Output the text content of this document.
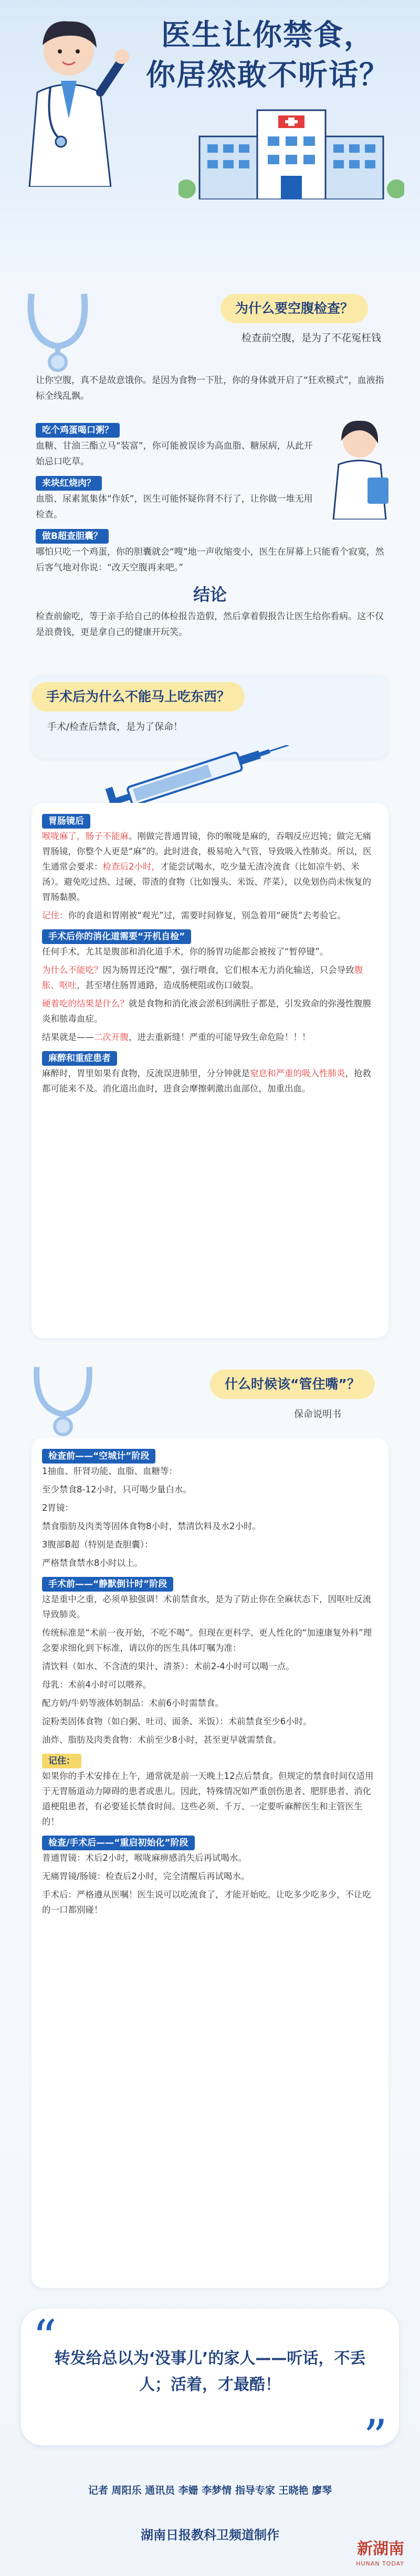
医生让你禁食，
你居然敢不听话？
为什么要空腹检查？
检查前空腹，是为了不花冤枉钱

让你空腹，真不是故意饿你。是因为食物一下肚，你的身体就开启了“狂欢模式”，血液指标全线乱飘。

吃个鸡蛋喝口粥？

血糖、甘油三酯立马“装富”，你可能被误诊为高血脂、糖尿病，从此开始忌口吃草。

来块红烧肉？

血脂、尿素氮集体“作妖”，医生可能怀疑你肾不行了，让你做一堆无用检查。

做B超查胆囊？

哪怕只吃一个鸡蛋，你的胆囊就会“嗖”地一声收缩变小，医生在屏幕上只能看个寂寞，然后客气地对你说：“改天空腹再来吧。”

结论
检查前偷吃，等于亲手给自己的体检报告造假，然后拿着假报告让医生给你看病。这不仅是浪费钱，更是拿自己的健康开玩笑。
手术后为什么不能马上吃东西？
手术/检查后禁食，是为了保命！
胃肠镜后

喉咙麻了，肠子不能麻。刚做完普通胃镜，你的喉咙是麻的，吞咽反应迟钝；做完无痛胃肠镜，你整个人更是“麻”的。此时进食，极易呛入气管，导致吸入性肺炎。所以，医生通常会要求：检查后2小时，才能尝试喝水，吃少量无渣冷流食（比如凉牛奶、米汤）。避免吃过热、过硬、带渣的食物（比如馒头、米饭、芹菜），以免划伤尚未恢复的胃肠黏膜。

记住：你的食道和胃刚被“观光”过，需要时间修复，别急着用“硬货”去考验它。

手术后你的消化道需要“开机自检”

任何手术，尤其是腹部和消化道手术，你的肠胃功能都会被按了“暂停键”。

为什么不能吃？因为肠胃还没“醒”，强行喂食，它们根本无力消化输送，只会导致腹胀、呕吐，甚至堵住肠胃通路，造成肠梗阻或伤口破裂。

硬着吃的结果是什么？就是食物和消化液会淤积到满肚子都是，引发致命的弥漫性腹膜炎和脓毒血症。

结果就是——二次开腹，进去重新缝！严重的可能导致生命危险！！！

麻醉和重症患者

麻醉时，胃里如果有食物，反流误进肺里，分分钟就是窒息和严重的吸入性肺炎，抢救都可能来不及。消化道出血时，进食会摩擦刺激出血部位，加重出血。

什么时候该“管住嘴”？
保命说明书
检查前——“空城计”阶段

1抽血、肝肾功能、血脂、血糖等：

至少禁食8-12小时，只可喝少量白水。

2胃镜：

禁食脂肪及肉类等固体食物8小时，禁清饮料及水2小时。

3腹部B超（特别是查胆囊）：

严格禁食禁水8小时以上。

手术前——“静默倒计时”阶段

这是重中之重，必须单独强调！术前禁食水，是为了防止你在全麻状态下，因呕吐反流导致肺炎。

传统标准是“术前一夜开始，不吃不喝”。但现在更科学、更人性化的“加速康复外科”理念要求细化到下标准，请以你的医生具体叮嘱为准：

清饮料（如水、不含渣的果汁、清茶）：术前2-4小时可以喝一点。

母乳：术前4小时可以喂养。

配方奶/牛奶等液体奶制品：术前6小时需禁食。

淀粉类固体食物（如白粥、吐司、面条、米饭）：术前禁食至少6小时。

油炸、脂肪及肉类食物：术前至少8小时，甚至更早就需禁食。

记住：

如果你的手术安排在上午，通常就是前一天晚上12点后禁食。但规定的禁食时间仅适用于无胃肠道动力障碍的患者或患儿。因此，特殊情况如严重创伤患者、肥胖患者、消化道梗阻患者，有必要延长禁食时间。这些必须、千万、一定要听麻醉医生和主管医生的！

检查/手术后——“重启初始化”阶段

普通胃镜：术后2小时，喉咙麻痹感消失后再试喝水。

无痛胃镜/肠镜：检查后2小时，完全清醒后再试喝水。

手术后：严格遵从医嘱！医生说可以吃流食了，才能开始吃。让吃多少吃多少，不让吃的一口都别碰！

“
转发给总以为‘没事儿’的家人——听话，不丢人；活着，才最酷！
”
记者 周阳乐 通讯员 李姗 李梦情 指导专家 王晓艳 廖琴
湖南日报教科卫频道制作
新湖南
HUNAN TODAY
